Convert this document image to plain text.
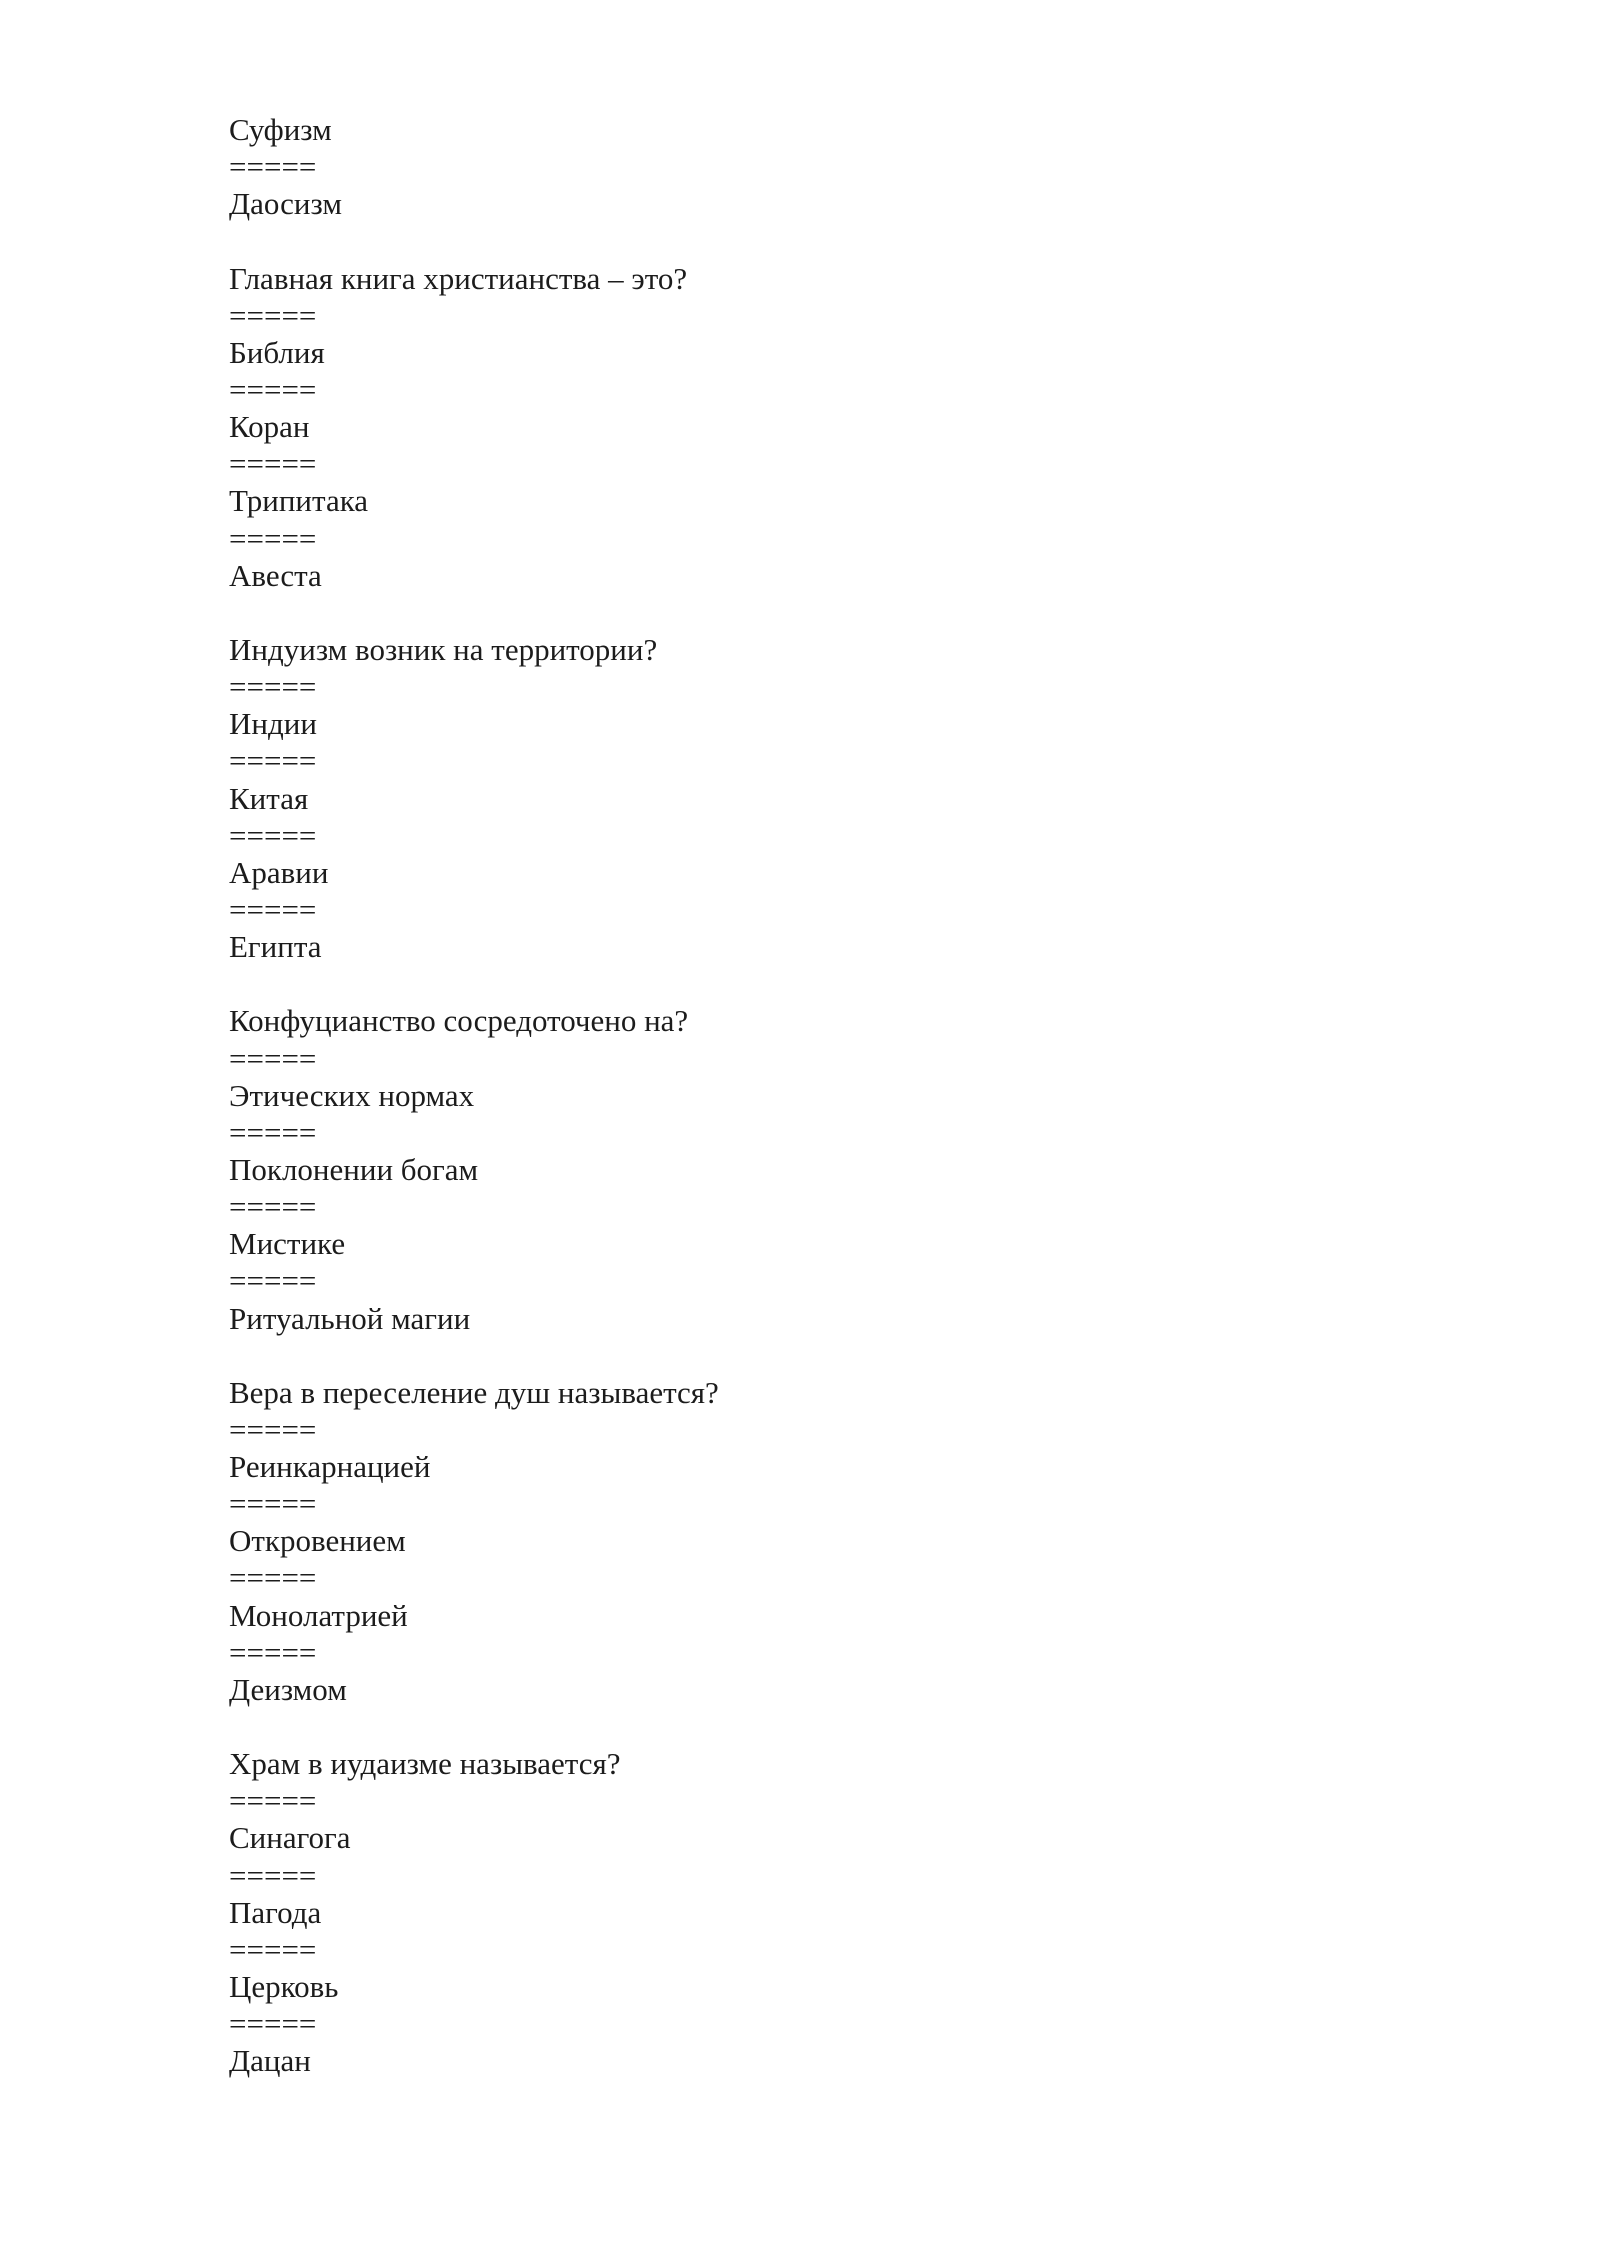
Суфизм
=====
Даосизм
Главная книга христианства – это?
=====
Библия
=====
Коран
=====
Трипитака
=====
Авеста
Индуизм возник на территории?
=====
Индии
=====
Китая
=====
Аравии
=====
Египта
Конфуцианство сосредоточено на?
=====
Этических нормах
=====
Поклонении богам
=====
Мистике
=====
Ритуальной магии
Вера в переселение душ называется?
=====
Реинкарнацией
=====
Откровением
=====
Монолатрией
=====
Деизмом
Храм в иудаизме называется?
=====
Синагога
=====
Пагода
=====
Церковь
=====
Дацан
